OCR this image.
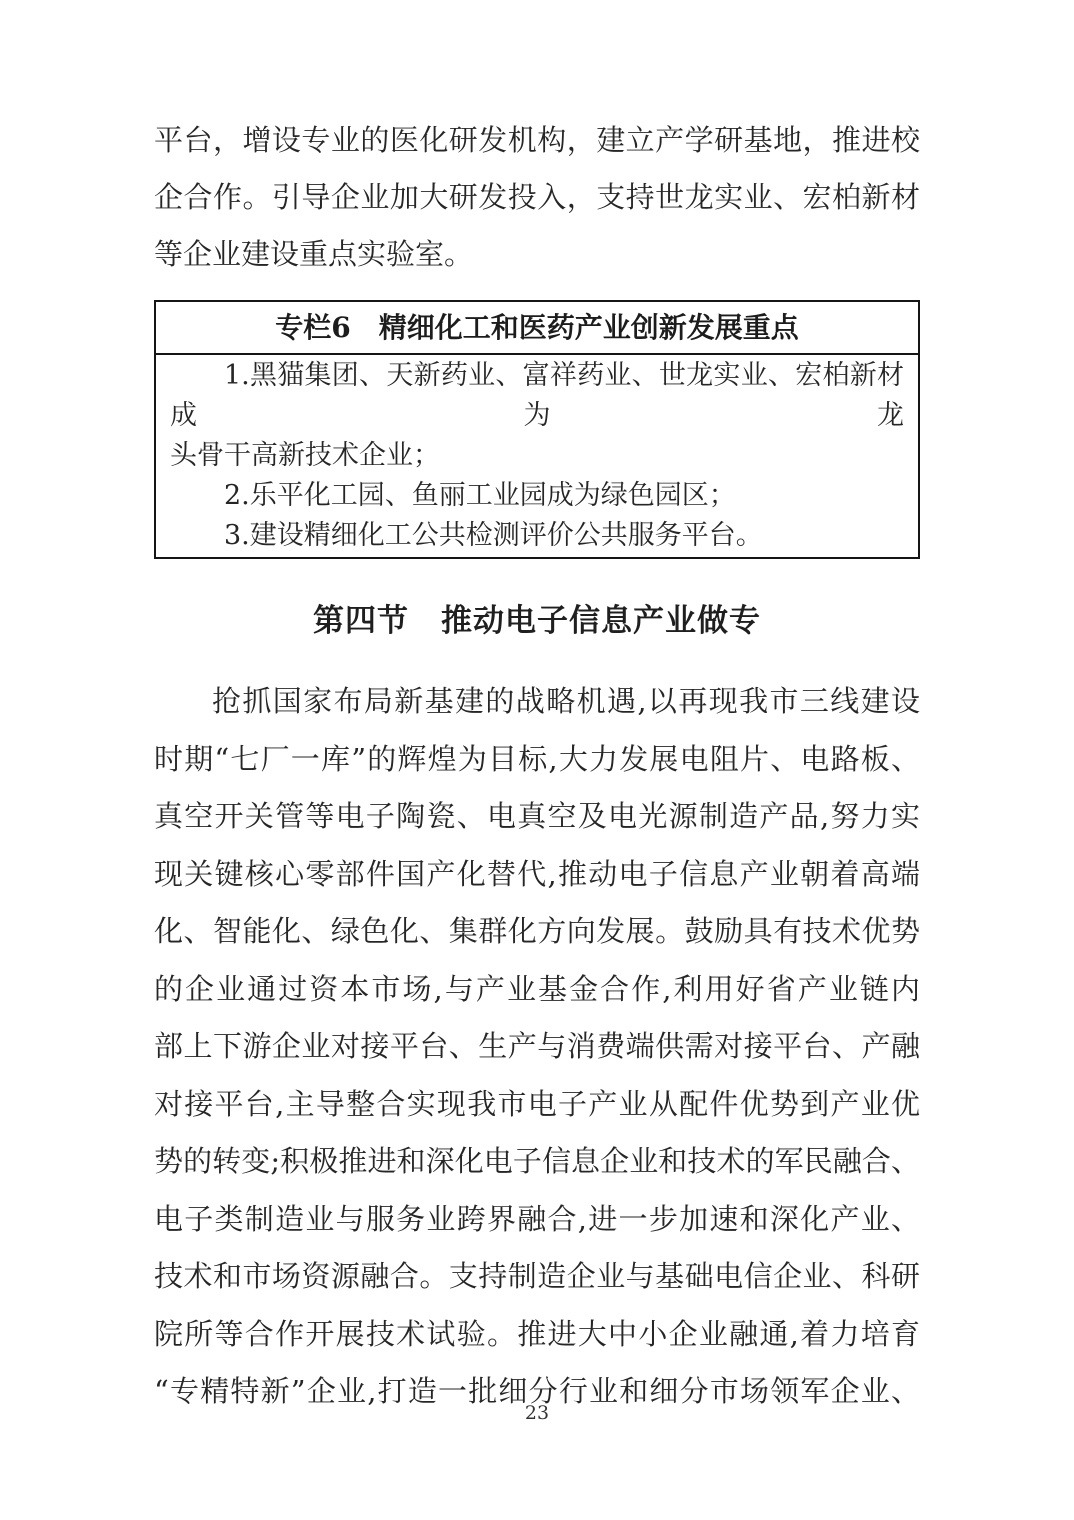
平台，增设专业的医化研发机构，建立产学研基地，推进校
企合作。引导企业加大研发投入，支持世龙实业、宏柏新材
等企业建设重点实验室。
专栏6　精细化工和医药产业创新发展重点
1.黑猫集团、天新药业、富祥药业、世龙实业、宏柏新材成为龙
头骨干高新技术企业；
2.乐平化工园、鱼丽工业园成为绿色园区；
3.建设精细化工公共检测评价公共服务平台。
第四节　推动电子信息产业做专
抢抓国家布局新基建的战略机遇,以再现我市三线建设
时期“七厂一库”的辉煌为目标,大力发展电阻片、电路板、
真空开关管等电子陶瓷、电真空及电光源制造产品,努力实
现关键核心零部件国产化替代,推动电子信息产业朝着高端
化、智能化、绿色化、集群化方向发展。鼓励具有技术优势
的企业通过资本市场,与产业基金合作,利用好省产业链内
部上下游企业对接平台、生产与消费端供需对接平台、产融
对接平台,主导整合实现我市电子产业从配件优势到产业优
势的转变;积极推进和深化电子信息企业和技术的军民融合、
电子类制造业与服务业跨界融合,进一步加速和深化产业、
技术和市场资源融合。支持制造企业与基础电信企业、科研
院所等合作开展技术试验。推进大中小企业融通,着力培育
“专精特新”企业,打造一批细分行业和细分市场领军企业、
23
